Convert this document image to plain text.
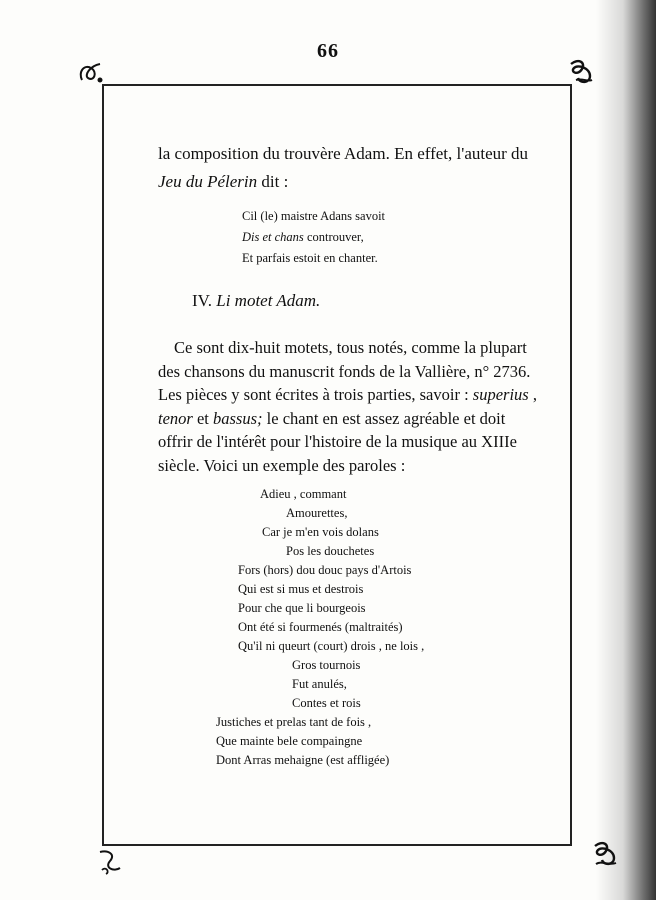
66
la composition du trouvère Adam. En effet, l'auteur du
Jeu du Pélerin dit :
Cil (le) maistre Adans savoit
Dis et chans controuver,
Et parfais estoit en chanter.
IV. Li motet Adam.
Ce sont dix-huit motets, tous notés, comme la plupart
des chansons du manuscrit fonds de la Vallière, n° 2736.
Les pièces y sont écrites à trois parties, savoir : superius ,
tenor et bassus; le chant en est assez agréable et doit
offrir de l'intérêt pour l'histoire de la musique au XIIIe
siècle. Voici un exemple des paroles :
Adieu , commant
Amourettes,
Car je m'en vois dolans
Pos les douchetes
Fors (hors) dou douc pays d'Artois
Qui est si mus et destrois
Pour che que li bourgeois
Ont été si fourmenés (maltraités)
Qu'il ni queurt (court) drois , ne lois ,
Gros tournois
Fut anulés,
Contes et rois
Justiches et prelas tant de fois ,
Que mainte bele compaingne
Dont Arras mehaigne (est affligée)
